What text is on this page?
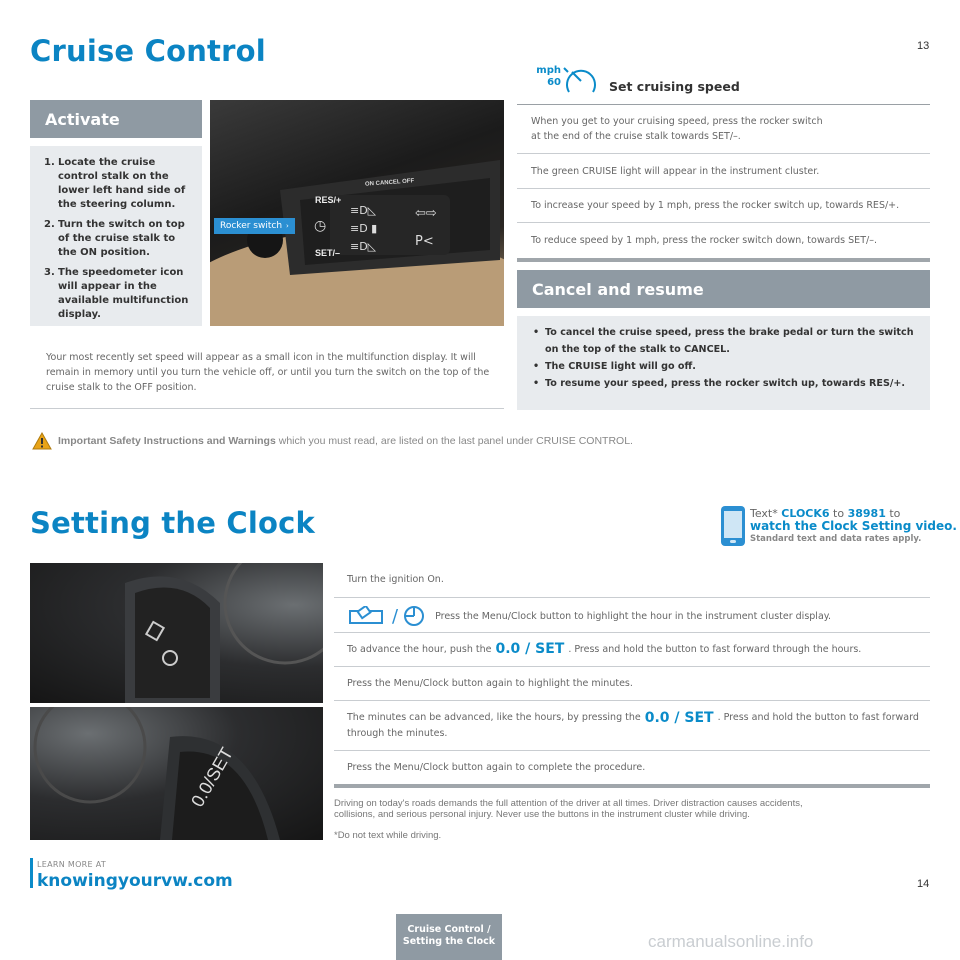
Cruise Control	13
Activate
1. Locate the cruise control stalk on the lower left hand side of the steering column.
2. Turn the switch on top of the cruise stalk to the ON position.
3. The speedometer icon will appear in the available multifunction display.
RES/+
SET/–
ON CANCEL OFF
◷
≡D◺
≡D ▮
≡D◺
⇦⇨
P<
Rocker switch ›
Your most recently set speed will appear as a small icon in the multifunction display. It will remain in memory until you turn the vehicle off, or until you turn the switch on the top of the cruise stalk to the OFF position.
mph
60	Set cruising speed
When you get to your cruising speed, press the rocker switch at the end of the cruise stalk towards SET/–.
The green CRUISE light will appear in the instrument cluster.
To increase your speed by 1 mph, press the rocker switch up, towards RES/+.
To reduce speed by 1 mph, press the rocker switch down, towards SET/–.
Cancel and resume
• To cancel the cruise speed, press the brake pedal or turn the switch on the top of the stalk to CANCEL.
• The CRUISE light will go off.
• To resume your speed, press the rocker switch up, towards RES/+.
Important Safety Instructions and Warnings which you must read, are listed on the last panel under CRUISE CONTROL.
Setting the Clock	Text* CLOCK6 to 38981 to
watch the Clock Setting video.
Standard text and data rates apply.
0.0/SET
Turn the ignition On.
/	Press the Menu/Clock button to highlight the hour in the instrument cluster display.
To advance the hour, push the 0.0 / SET . Press and hold the button to fast forward through the hours.
Press the Menu/Clock button again to highlight the minutes.
The minutes can be advanced, like the hours, by pressing the 0.0 / SET . Press and hold the button to fast forward through the minutes.
Press the Menu/Clock button again to complete the procedure.
Driving on today's roads demands the full attention of the driver at all times. Driver distraction causes accidents, collisions, and serious personal injury. Never use the buttons in the instrument cluster while driving.
*Do not text while driving.
LEARN MORE AT
knowingyourvw.com	14
Cruise Control /
Setting the Clock	carmanualsonline.info
